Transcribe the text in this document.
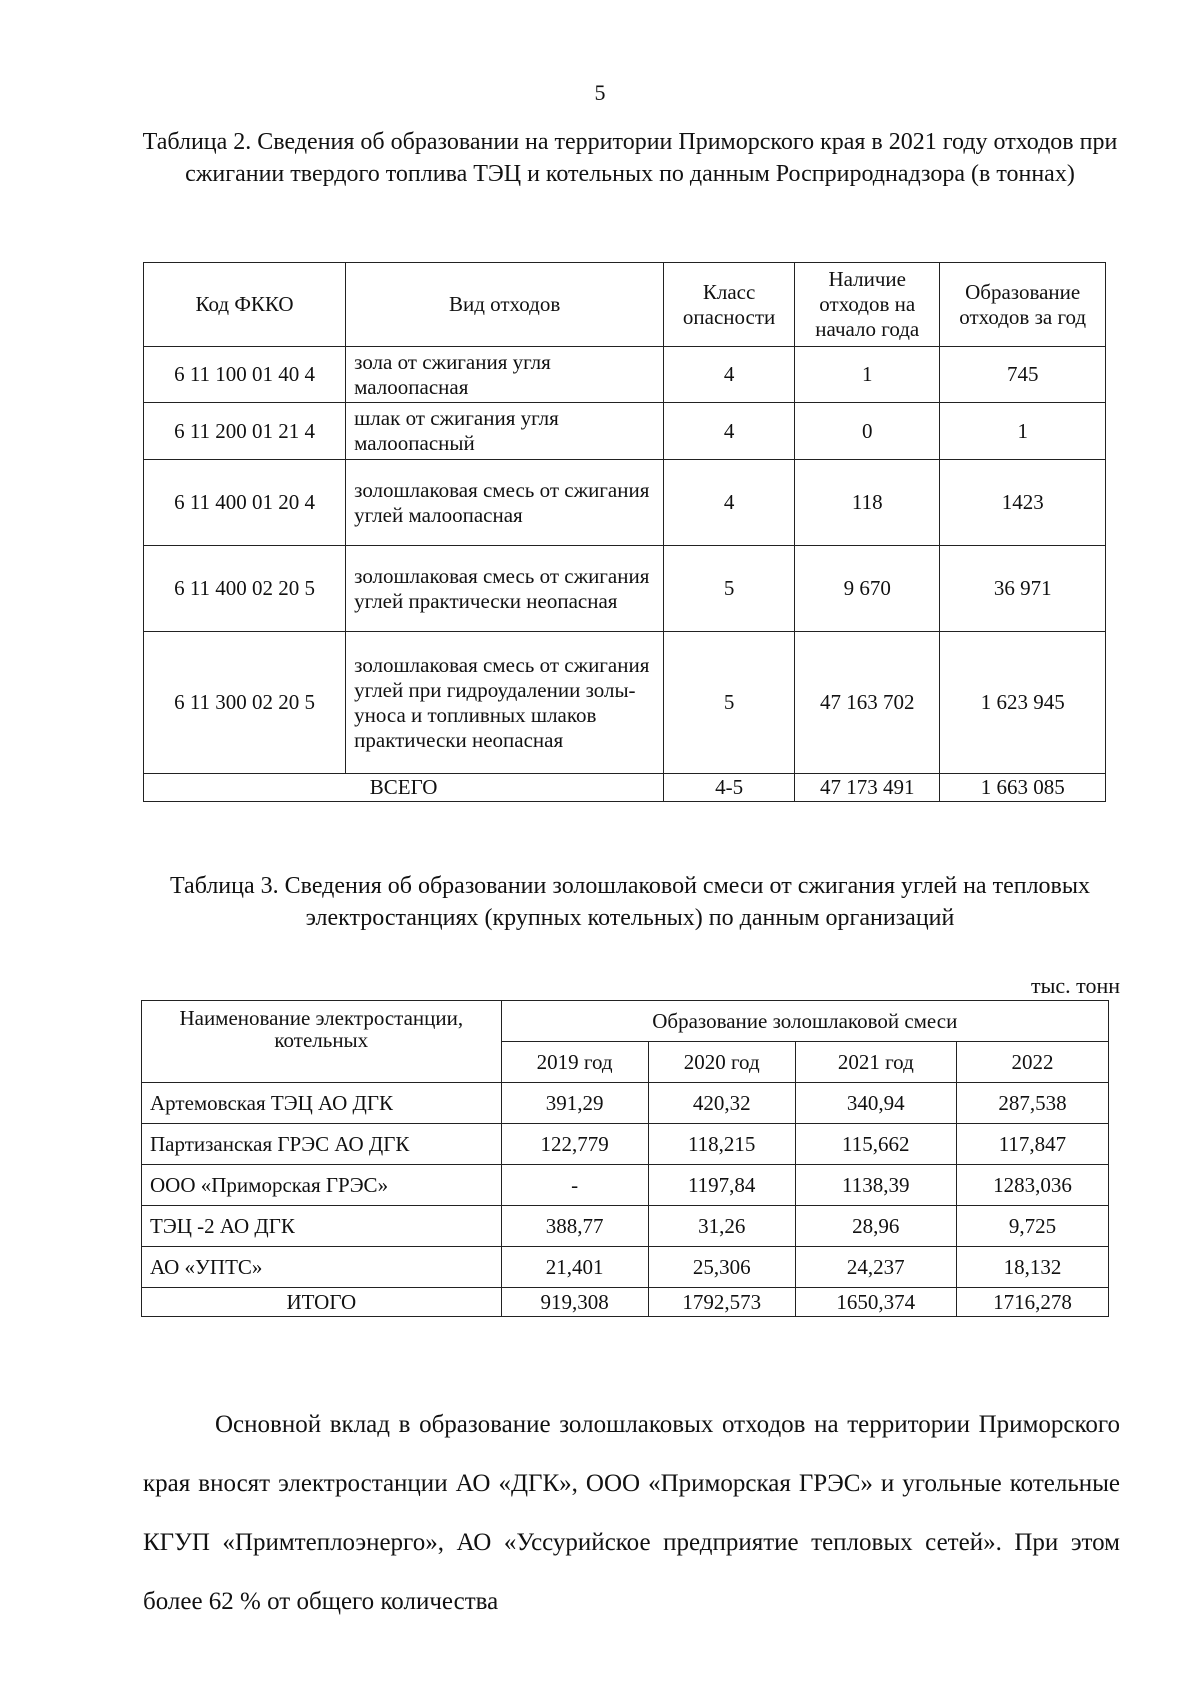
5
Таблица 2. Сведения об образовании на территории Приморского края в 2021 году отходов при сжигании твердого топлива ТЭЦ и котельных по данным Росприроднадзора (в тоннах)
Код ФККО	Вид отходов	Класс опасности	Наличие отходов на начало года	Образование отходов за год
6 11 100 01 40 4	зола от сжигания угля малоопасная	4	1	745
6 11 200 01 21 4	шлак от сжигания угля малоопасный	4	0	1
6 11 400 01 20 4	золошлаковая смесь от сжигания углей малоопасная	4	118	1423
6 11 400 02 20 5	золошлаковая смесь от сжигания углей практически неопасная	5	9 670	36 971
6 11 300 02 20 5	золошлаковая смесь от сжигания углей при гидроудалении золы-уноса и топливных шлаков практически неопасная	5	47 163 702	1 623 945
ВСЕГО		4-5	47 173 491	1 663 085
Таблица 3. Сведения об образовании золошлаковой смеси от сжигания углей на тепловых электростанциях (крупных котельных) по данным организаций
тыс. тонн
Наименование электростанции, котельных	Образование золошлаковой смеси			
	2019 год	2020 год	2021 год	2022
Артемовская ТЭЦ АО ДГК	391,29	420,32	340,94	287,538
Партизанская ГРЭС АО ДГК	122,779	118,215	115,662	117,847
ООО «Приморская ГРЭС»	-	1197,84	1138,39	1283,036
ТЭЦ -2 АО ДГК	388,77	31,26	28,96	9,725
АО «УПТС»	21,401	25,306	24,237	18,132
ИТОГО	919,308	1792,573	1650,374	1716,278
Основной вклад в образование золошлаковых отходов на территории Приморского края вносят электростанции АО «ДГК», ООО «Приморская ГРЭС» и угольные котельные КГУП «Примтеплоэнерго», АО «Уссурийское предприятие тепловых сетей». При этом более 62 % от общего количества
